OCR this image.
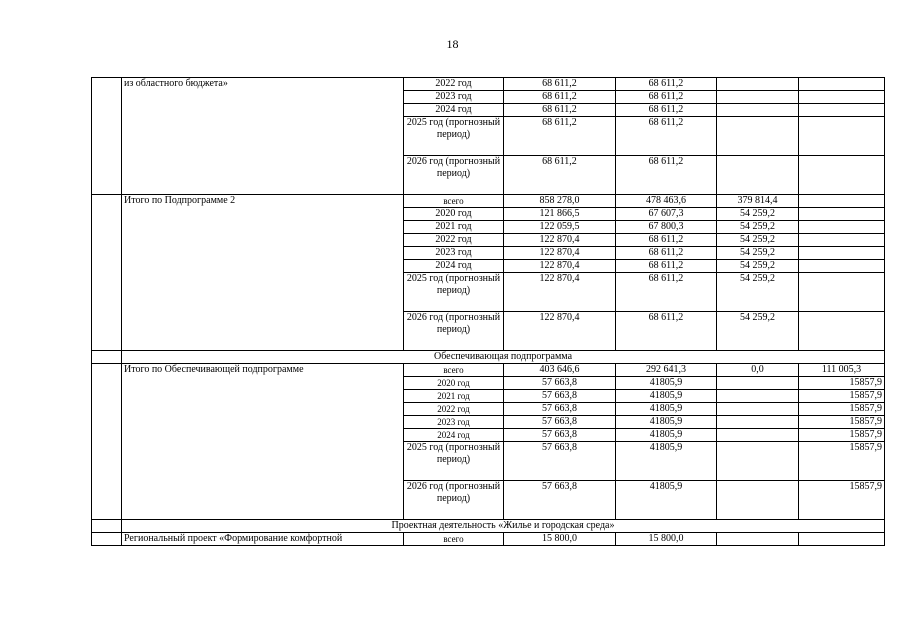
18
	из областного бюджета»	2022 год	68 611,2	68 611,2		
		2023 год	68 611,2	68 611,2		
		2024 год	68 611,2	68 611,2		
		2025 год (прогнозный период)	68 611,2	68 611,2		
		2026 год (прогнозный период)	68 611,2	68 611,2		
	Итого по Подпрограмме 2	всего	858 278,0	478 463,6	379 814,4	
		2020 год	121 866,5	67 607,3	54 259,2	
		2021 год	122 059,5	67 800,3	54 259,2	
		2022 год	122 870,4	68 611,2	54 259,2	
		2023 год	122 870,4	68 611,2	54 259,2	
		2024 год	122 870,4	68 611,2	54 259,2	
		2025 год (прогнозный период)	122 870,4	68 611,2	54 259,2	
		2026 год (прогнозный период)	122 870,4	68 611,2	54 259,2	
	Обеспечивающая подпрограмма					
	Итого по Обеспечивающей подпрограмме	всего	403 646,6	292 641,3	0,0	111 005,3
		2020 год	57 663,8	41805,9		15857,9
		2021 год	57 663,8	41805,9		15857,9
		2022 год	57 663,8	41805,9		15857,9
		2023 год	57 663,8	41805,9		15857,9
		2024 год	57 663,8	41805,9		15857,9
		2025 год (прогнозный период)	57 663,8	41805,9		15857,9
		2026 год (прогнозный период)	57 663,8	41805,9		15857,9
	Проектная деятельность «Жилье и городская среда»					
	Региональный проект «Формирование комфортной	всего	15 800,0	15 800,0		
